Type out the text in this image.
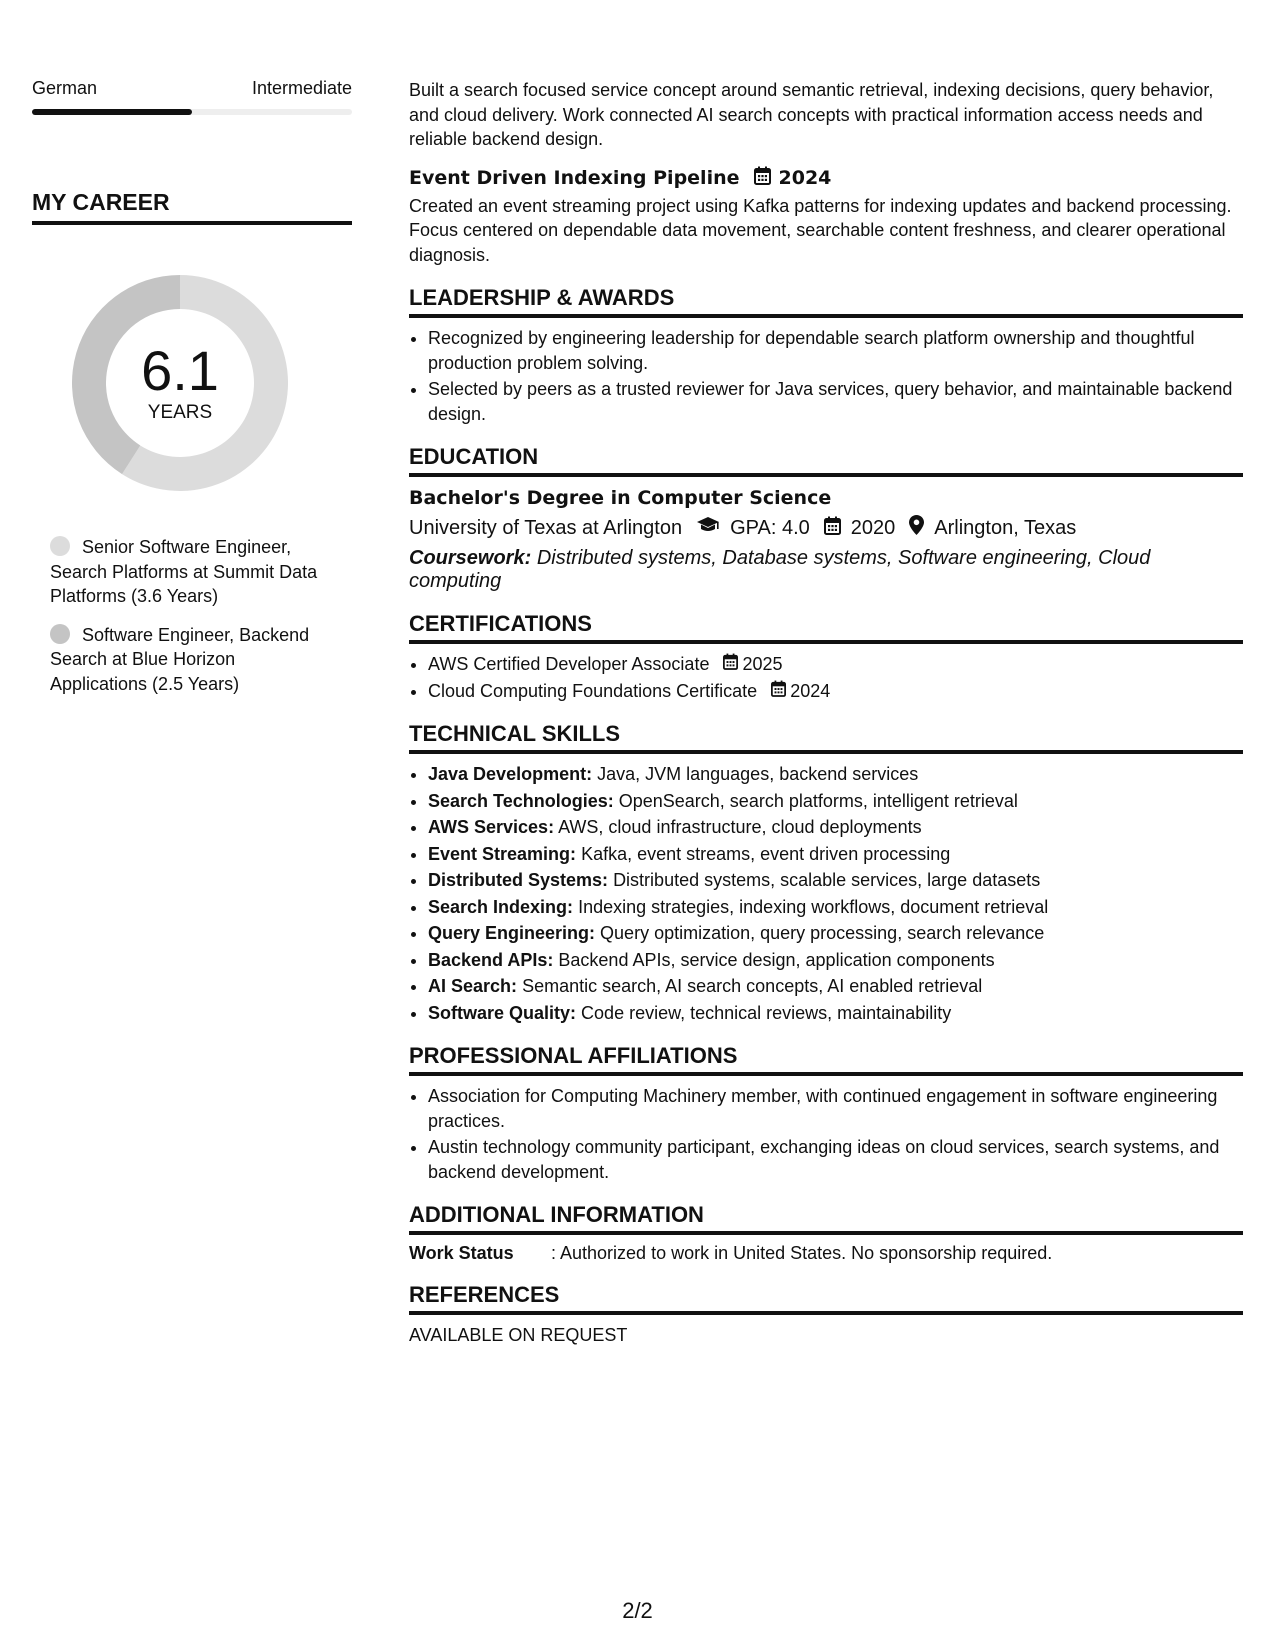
German	Intermediate
MY CAREER
6.1
YEARS
Senior Software Engineer, Search Platforms at Summit Data Platforms (3.6 Years)
Software Engineer, Backend Search at Blue Horizon Applications (2.5 Years)

Built a search focused service concept around semantic retrieval, indexing decisions, query behavior, and cloud delivery. Work connected AI search concepts with practical information access needs and reliable backend design.

Event Driven Indexing Pipeline 2024

Created an event streaming project using Kafka patterns for indexing updates and backend processing. Focus centered on dependable data movement, searchable content freshness, and clearer operational diagnosis.

LEADERSHIP & AWARDS
• Recognized by engineering leadership for dependable search platform ownership and thoughtful production problem solving.
• Selected by peers as a trusted reviewer for Java services, query behavior, and maintainable backend design.
EDUCATION
Bachelor's Degree in Computer Science
University of Texas at Arlington GPA: 4.0 2020 Arlington, Texas
Coursework: Distributed systems, Database systems, Software engineering, Cloud computing
CERTIFICATIONS
• AWS Certified Developer Associate 2025
• Cloud Computing Foundations Certificate 2024
TECHNICAL SKILLS
• Java Development: Java, JVM languages, backend services
• Search Technologies: OpenSearch, search platforms, intelligent retrieval
• AWS Services: AWS, cloud infrastructure, cloud deployments
• Event Streaming: Kafka, event streams, event driven processing
• Distributed Systems: Distributed systems, scalable services, large datasets
• Search Indexing: Indexing strategies, indexing workflows, document retrieval
• Query Engineering: Query optimization, query processing, search relevance
• Backend APIs: Backend APIs, service design, application components
• AI Search: Semantic search, AI search concepts, AI enabled retrieval
• Software Quality: Code review, technical reviews, maintainability
PROFESSIONAL AFFILIATIONS
• Association for Computing Machinery member, with continued engagement in software engineering practices.
• Austin technology community participant, exchanging ideas on cloud services, search systems, and backend development.
ADDITIONAL INFORMATION
Work Status	: Authorized to work in United States. No sponsorship required.
REFERENCES
AVAILABLE ON REQUEST
2/2
